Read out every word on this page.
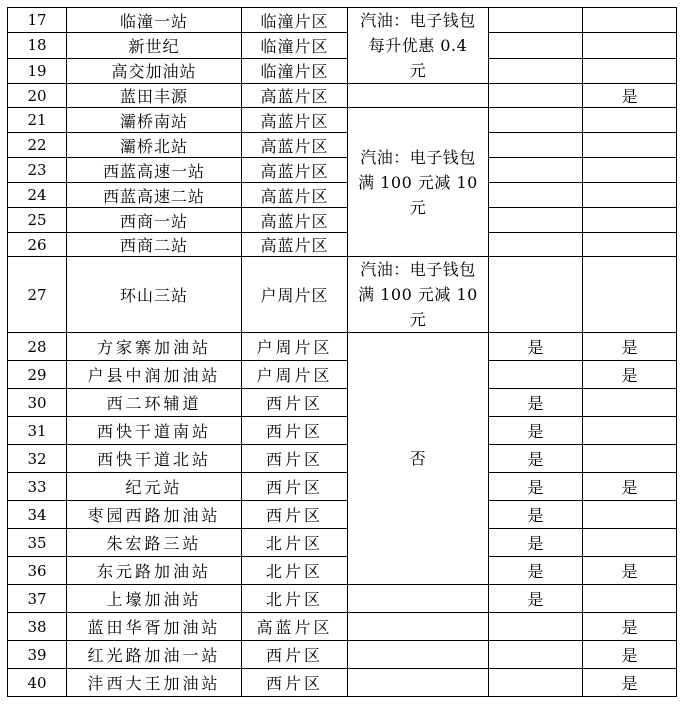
17	临潼一站	临潼片区	汽油：电子钱包
每升优惠 0.4
元		

18	新世纪	临潼片区			
19	高交加油站	临潼片区			
20	蓝田丰源	高蓝片区			是
21	灞桥南站	高蓝片区	汽油：电子钱包
满 100 元减 10
元		

22	灞桥北站	高蓝片区			
23	西蓝高速一站	高蓝片区			
24	西蓝高速二站	高蓝片区			
25	西商一站	高蓝片区			
26	西商二站	高蓝片区			
27	环山三站	户周片区	汽油：电子钱包
满 100 元减 10
元		

28	方家寨加油站	户周片区	否	是	是
29	户县中润加油站	户周片区			是
30	西二环辅道	西片区		是	
31	西快干道南站	西片区		是	
32	西快干道北站	西片区		是	
33	纪元站	西片区		是	是
34	枣园西路加油站	西片区		是	
35	朱宏路三站	北片区		是	
36	东元路加油站	北片区		是	是
37	上壕加油站	北片区		是	
38	蓝田华胥加油站	高蓝片区			是
39	红光路加油一站	西片区			是
40	沣西大王加油站	西片区			是
